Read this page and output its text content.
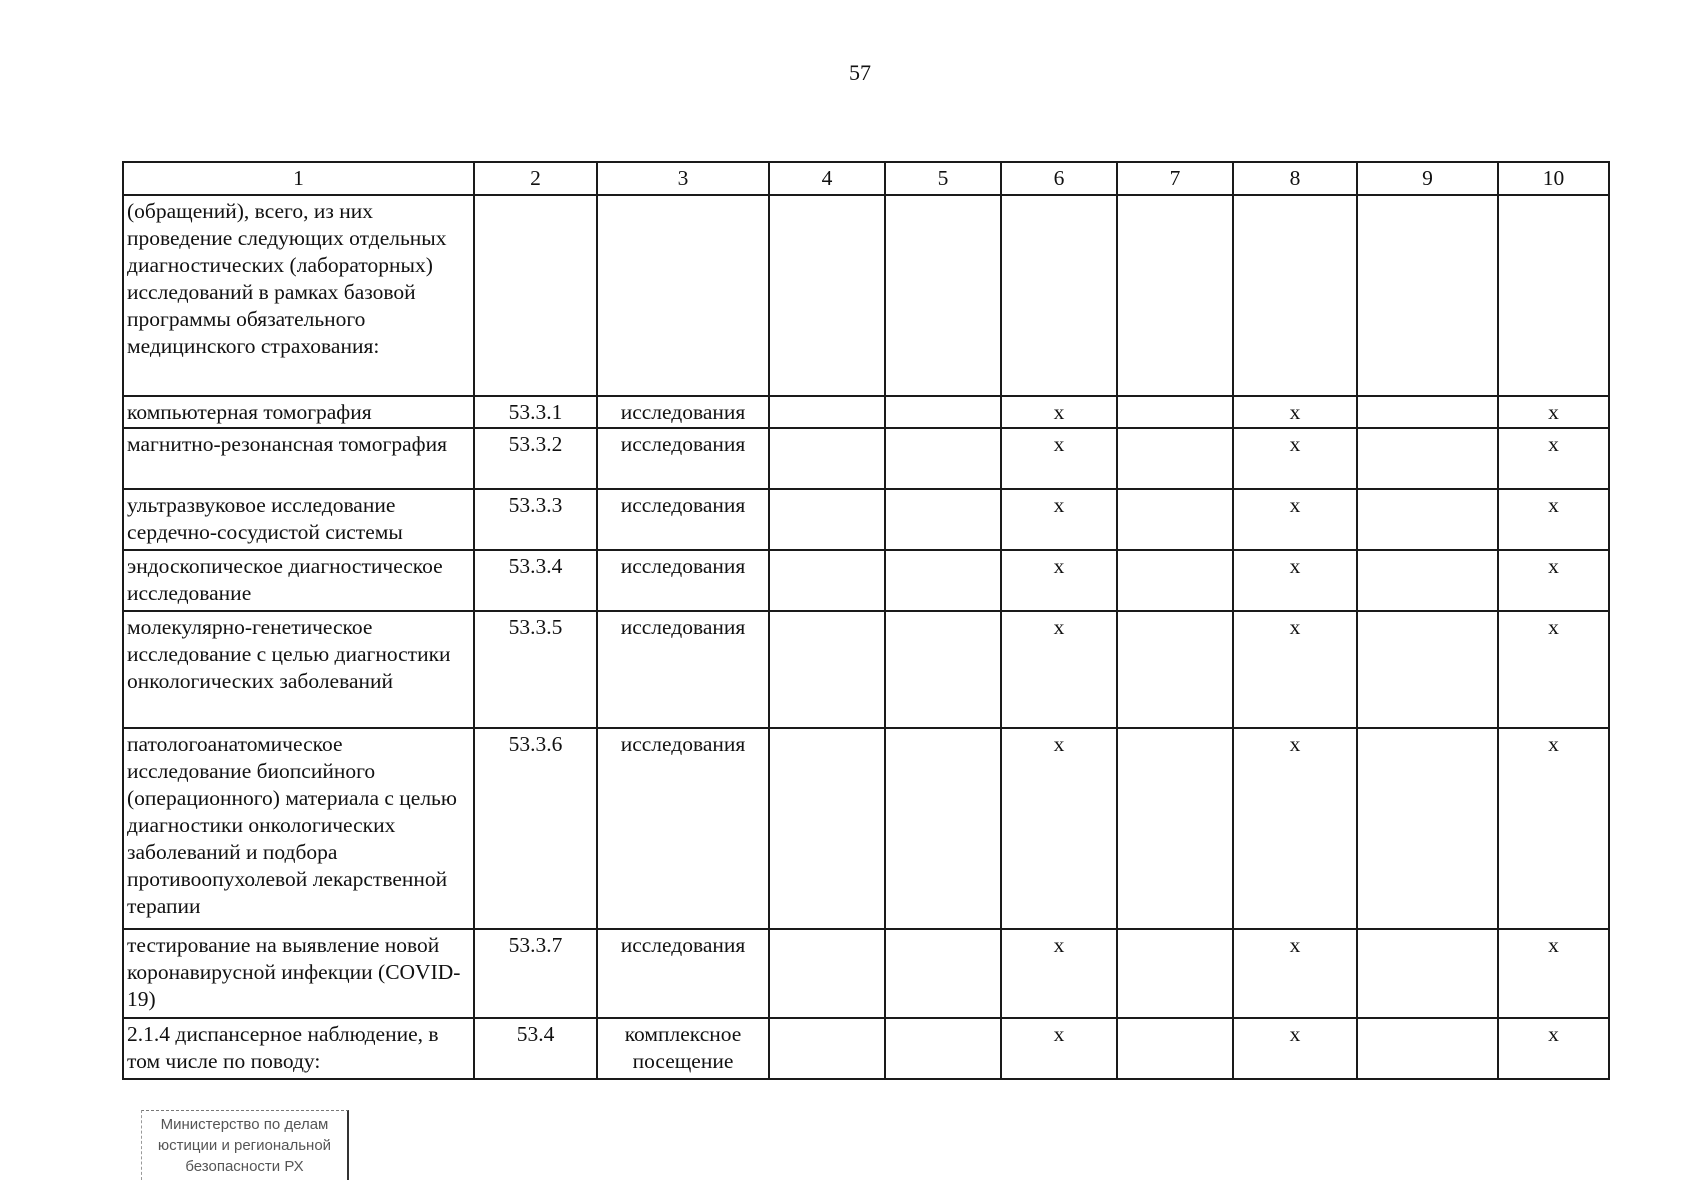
57
1	2	3	4	5	6	7	8	9	10
(обращений), всего, из них проведение следующих отдельных диагностических (лабораторных) исследований в рамках базовой программы обязательного медицинского страхования:									
компьютерная томография	53.3.1	исследования			x		x		x
магнитно-резонансная томография	53.3.2	исследования			x		x		x
ультразвуковое исследование сердечно-сосудистой системы	53.3.3	исследования			x		x		x
эндоскопическое диагностическое исследование	53.3.4	исследования			x		x		x
молекулярно-генетическое исследование с целью диагностики онкологических заболеваний	53.3.5	исследования			x		x		x
патологоанатомическое исследование биопсийного (операционного) материала с целью диагностики онкологических заболеваний и подбора противоопухолевой лекарственной терапии	53.3.6	исследования			x		x		x
тестирование на выявление новой коронавирусной инфекции (COVID-19)	53.3.7	исследования			x		x		x
2.1.4 диспансерное наблюдение, в том числе по поводу:	53.4	комплексное посещение			x		x		x
Министерство по делам
юстиции и региональной
безопасности РХ
